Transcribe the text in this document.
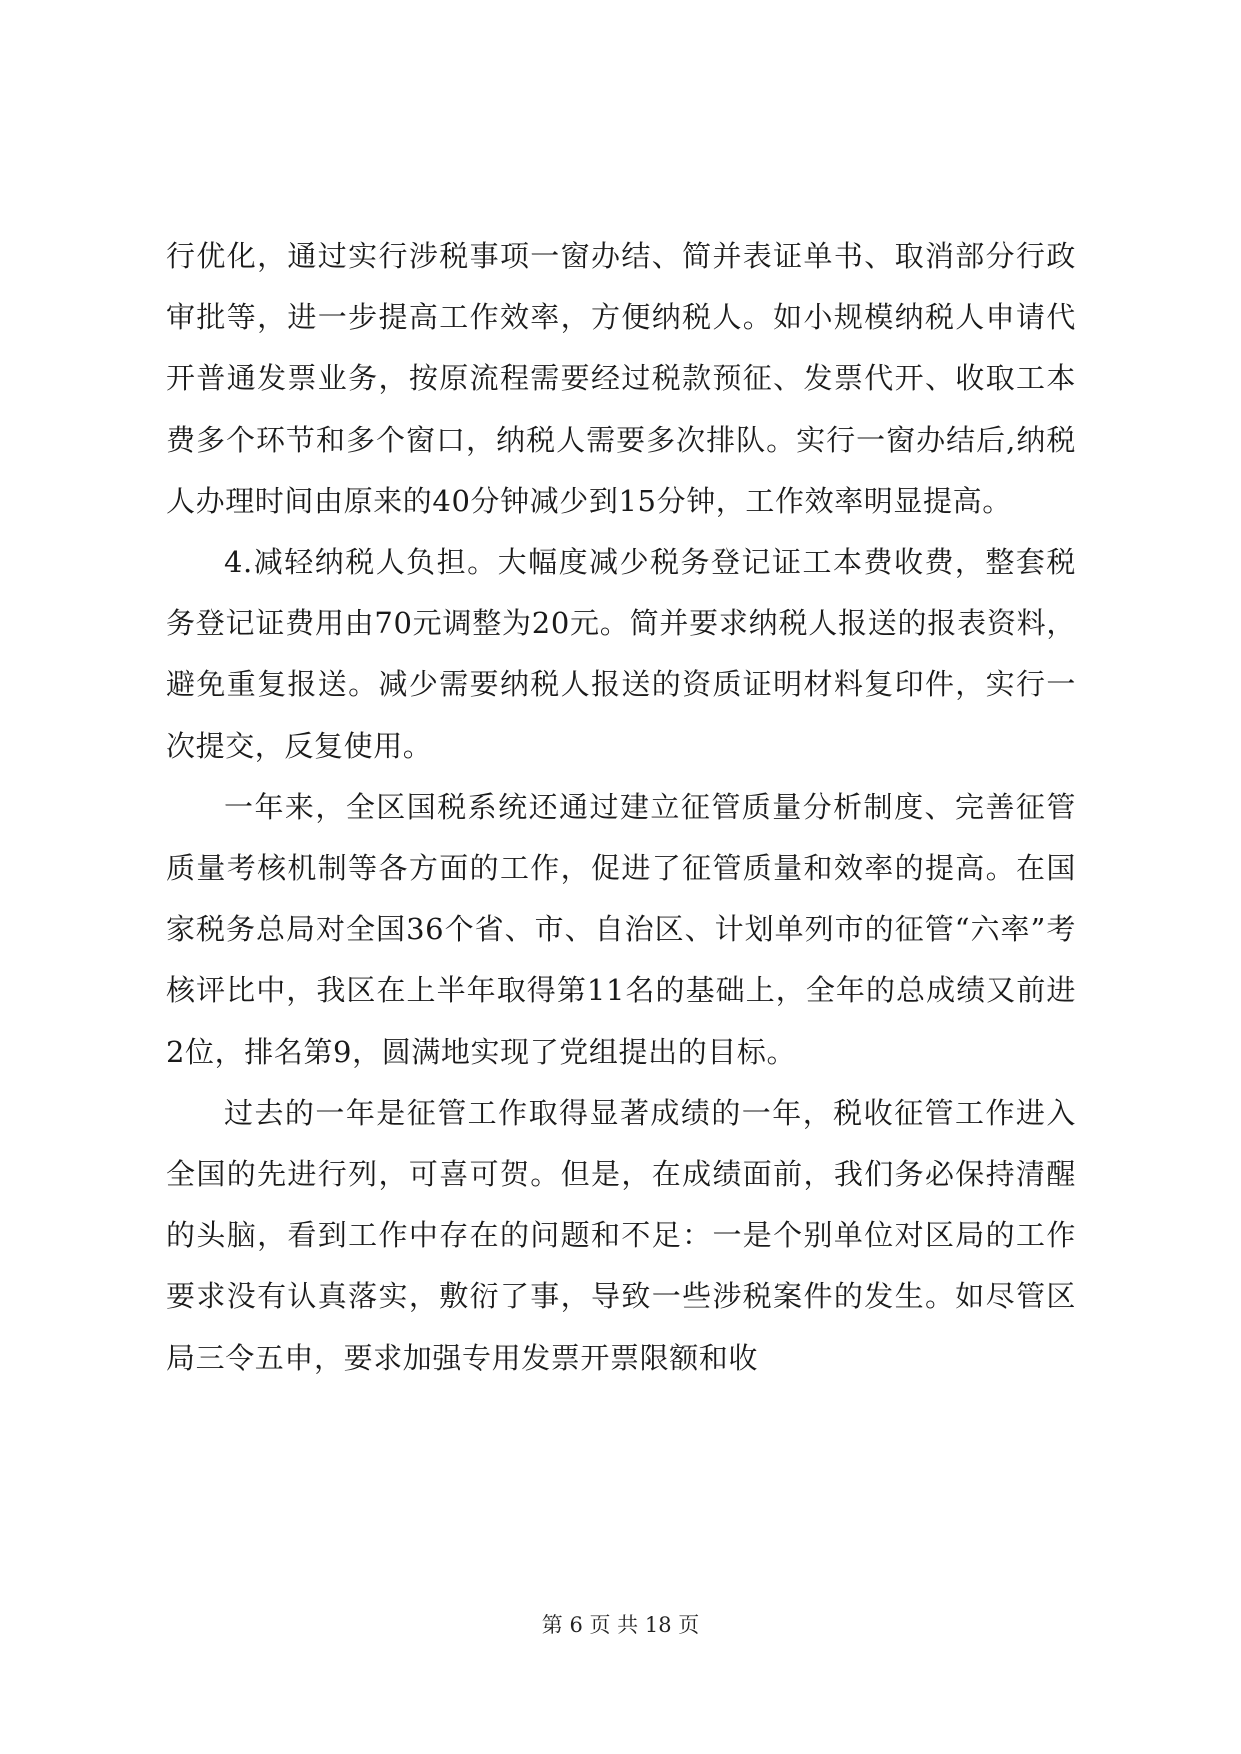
行优化，通过实行涉税事项一窗办结、简并表证单书、取消部分行政审批等，进一步提高工作效率，方便纳税人。如小规模纳税人申请代开普通发票业务，按原流程需要经过税款预征、发票代开、收取工本费多个环节和多个窗口，纳税人需要多次排队。实行一窗办结后,纳税人办理时间由原来的40分钟减少到15分钟，工作效率明显提高。

4.减轻纳税人负担。大幅度减少税务登记证工本费收费，整套税务登记证费用由70元调整为20元。简并要求纳税人报送的报表资料，避免重复报送。减少需要纳税人报送的资质证明材料复印件，实行一次提交，反复使用。

一年来，全区国税系统还通过建立征管质量分析制度、完善征管质量考核机制等各方面的工作，促进了征管质量和效率的提高。在国家税务总局对全国36个省、市、自治区、计划单列市的征管“六率”考核评比中，我区在上半年取得第11名的基础上，全年的总成绩又前进2位，排名第9，圆满地实现了党组提出的目标。

过去的一年是征管工作取得显著成绩的一年，税收征管工作进入全国的先进行列，可喜可贺。但是，在成绩面前，我们务必保持清醒的头脑，看到工作中存在的问题和不足：一是个别单位对区局的工作要求没有认真落实，敷衍了事，导致一些涉税案件的发生。如尽管区局三令五申，要求加强专用发票开票限额和收

第 6 页 共 18 页
